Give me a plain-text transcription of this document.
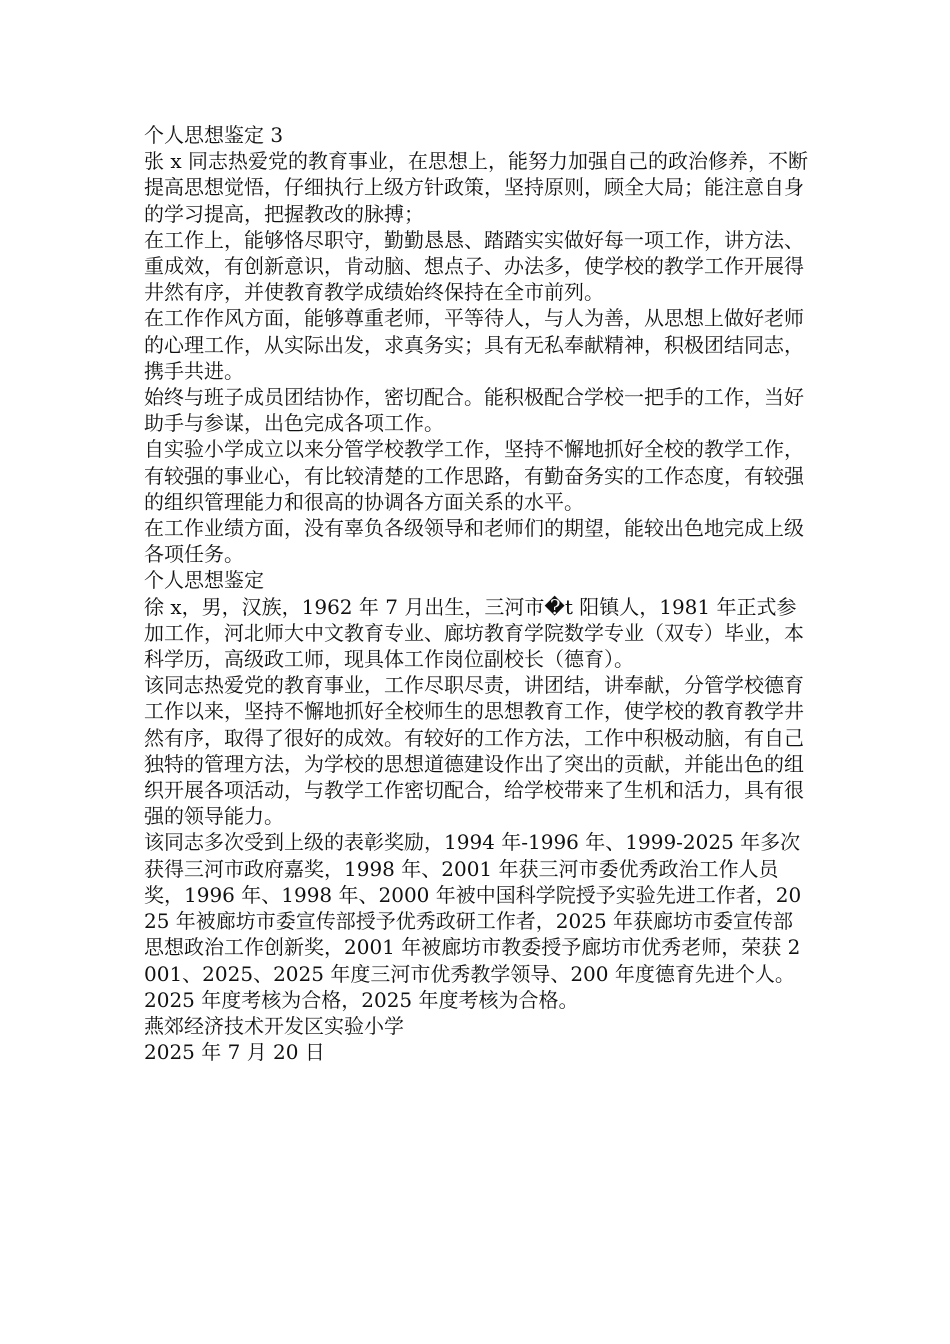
个人思想鉴定 3

张 x 同志热爱党的教育事业，在思想上，能努力加强自己的政治修养，不断提高思想觉悟，仔细执行上级方针政策，坚持原则，顾全大局；能注意自身的学习提高，把握教改的脉搏；

在工作上，能够恪尽职守，勤勤恳恳、踏踏实实做好每一项工作，讲方法、重成效，有创新意识，肯动脑、想点子、办法多，使学校的教学工作开展得井然有序，并使教育教学成绩始终保持在全市前列。

在工作作风方面，能够尊重老师，平等待人，与人为善，从思想上做好老师的心理工作，从实际出发，求真务实；具有无私奉献精神，积极团结同志，携手共进。

始终与班子成员团结协作，密切配合。能积极配合学校一把手的工作，当好助手与参谋，出色完成各项工作。

自实验小学成立以来分管学校教学工作，坚持不懈地抓好全校的教学工作，有较强的事业心，有比较清楚的工作思路，有勤奋务实的工作态度，有较强的组织管理能力和很高的协调各方面关系的水平。

在工作业绩方面，没有辜负各级领导和老师们的期望，能较出色地完成上级各项任务。

个人思想鉴定

徐 x，男，汉族，1962 年 7 月出生，三河市�t 阳镇人，1981 年正式参加工作，河北师大中文教育专业、廊坊教育学院数学专业（双专）毕业，本科学历，高级政工师，现具体工作岗位副校长（德育）。

该同志热爱党的教育事业，工作尽职尽责，讲团结，讲奉献，分管学校德育工作以来，坚持不懈地抓好全校师生的思想教育工作，使学校的教育教学井然有序，取得了很好的成效。有较好的工作方法，工作中积极动脑，有自己独特的管理方法，为学校的思想道德建设作出了突出的贡献，并能出色的组织开展各项活动，与教学工作密切配合，给学校带来了生机和活力，具有很强的领导能力。

该同志多次受到上级的表彰奖励，1994 年-1996 年、1999-2025 年多次获得三河市政府嘉奖，1998 年、2001 年获三河市委优秀政治工作人员奖，1996 年、1998 年、2000 年被中国科学院授予实验先进工作者，2025 年被廊坊市委宣传部授予优秀政研工作者，2025 年获廊坊市委宣传部思想政治工作创新奖，2001 年被廊坊市教委授予廊坊市优秀老师，荣获 2001、2025、2025 年度三河市优秀教学领导、200 年度德育先进个人。

2025 年度考核为合格，2025 年度考核为合格。

燕郊经济技术开发区实验小学

2025 年 7 月 20 日
